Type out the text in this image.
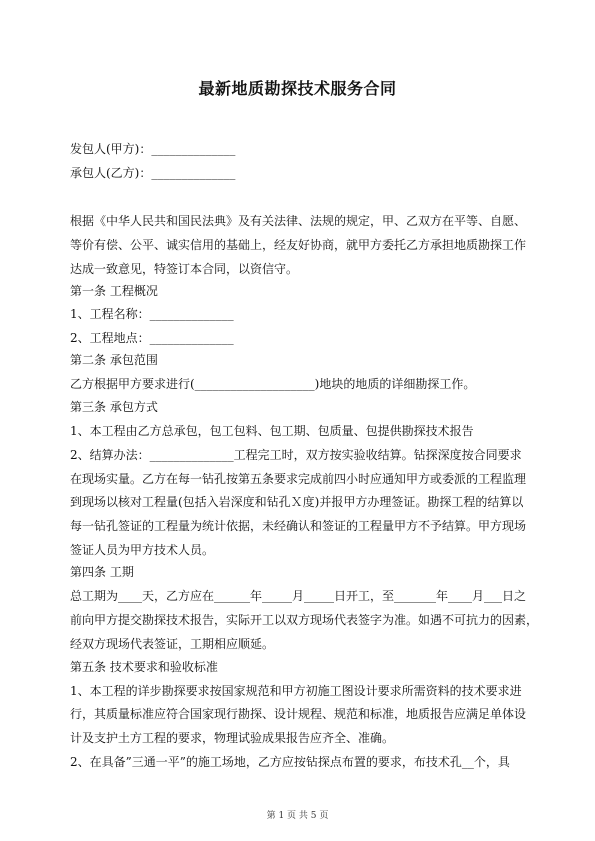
最新地质勘探技术服务合同
发包人(甲方)：______________
承包人(乙方)：______________
根据《中华人民共和国民法典》及有关法律、法规的规定，甲、乙双方在平等、自愿、
等价有偿、公平、诚实信用的基础上，经友好协商，就甲方委托乙方承担地质勘探工作
达成一致意见，特签订本合同，以资信守。
第一条 工程概况
1、工程名称：______________
2、工程地点：______________
第二条 承包范围
乙方根据甲方要求进行(____________________)地块的地质的详细勘探工作。
第三条 承包方式
1、本工程由乙方总承包，包工包料、包工期、包质量、包提供勘探技术报告
2、结算办法：______________工程完工时，双方按实验收结算。钻探深度按合同要求
在现场实量。乙方在每一钻孔按第五条要求完成前四小时应通知甲方或委派的工程监理
到现场以核对工程量(包括入岩深度和钻孔Ｘ度)并报甲方办理签证。勘探工程的结算以
每一钻孔签证的工程量为统计依据，未经确认和签证的工程量甲方不予结算。甲方现场
签证人员为甲方技术人员。
第四条 工期
总工期为____天，乙方应在______年_____月_____日开工，至_______年____月___日之
前向甲方提交勘探技术报告，实际开工以双方现场代表签字为准。如遇不可抗力的因素，
经双方现场代表签证，工期相应顺延。
第五条 技术要求和验收标准
1、本工程的详步勘探要求按国家规范和甲方初施工图设计要求所需资料的技术要求进
行，其质量标准应符合国家现行勘探、设计规程、规范和标准，地质报告应满足单体设
计及支护土方工程的要求，物理试验成果报告应齐全、准确。
2、在具备”三通一平”的施工场地，乙方应按钻探点布置的要求，布技术孔__个，具
第 1 页 共 5 页
